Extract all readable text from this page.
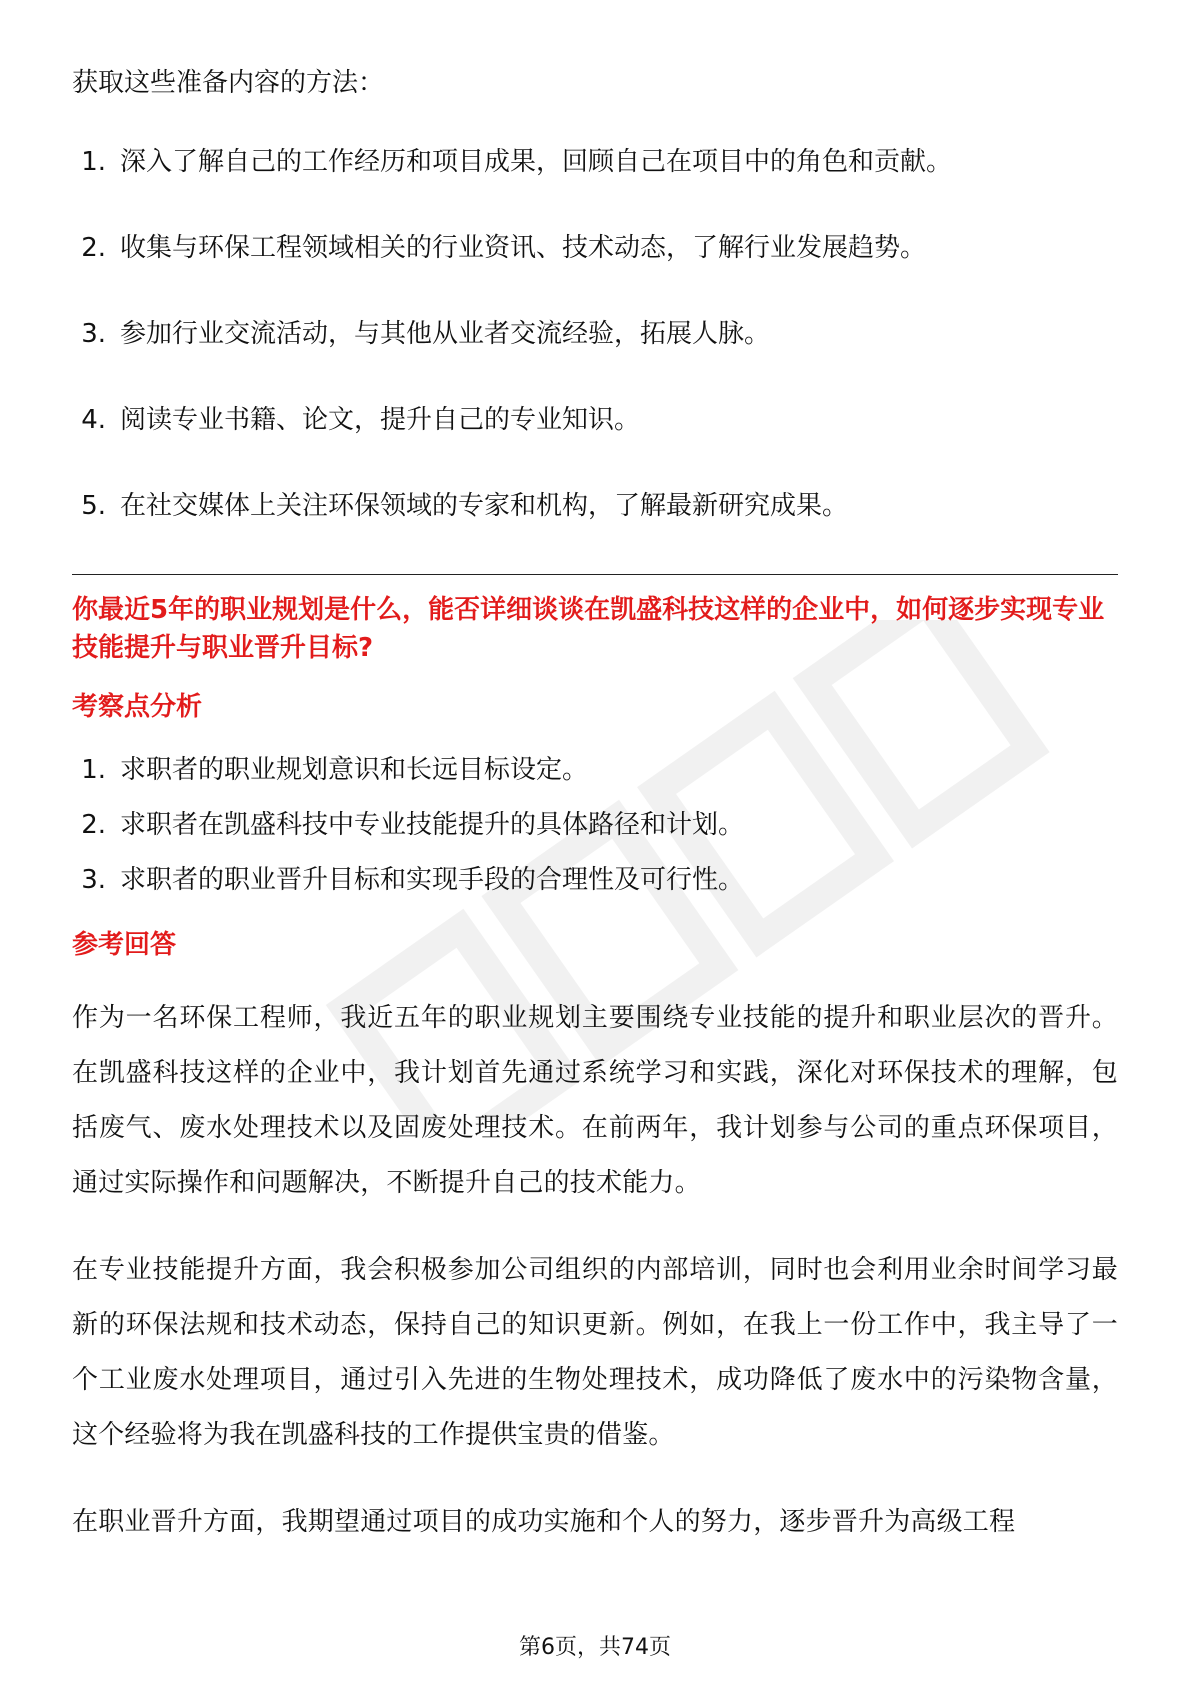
获取这些准备内容的方法：

1. 深入了解自己的工作经历和项目成果，回顾自己在项目中的角色和贡献。
2. 收集与环保工程领域相关的行业资讯、技术动态，了解行业发展趋势。
3. 参加行业交流活动，与其他从业者交流经验，拓展人脉。
4. 阅读专业书籍、论文，提升自己的专业知识。
5. 在社交媒体上关注环保领域的专家和机构，了解最新研究成果。
你最近5年的职业规划是什么，能否详细谈谈在凯盛科技这样的企业中，如何逐步实现专业技能提升与职业晋升目标?
考察点分析
1. 求职者的职业规划意识和长远目标设定。
2. 求职者在凯盛科技中专业技能提升的具体路径和计划。
3. 求职者的职业晋升目标和实现手段的合理性及可行性。
参考回答

作为一名环保工程师，我近五年的职业规划主要围绕专业技能的提升和职业层次的晋升。在凯盛科技这样的企业中，我计划首先通过系统学习和实践，深化对环保技术的理解，包括废气、废水处理技术以及固废处理技术。在前两年，我计划参与公司的重点环保项目，通过实际操作和问题解决，不断提升自己的技术能力。

在专业技能提升方面，我会积极参加公司组织的内部培训，同时也会利用业余时间学习最新的环保法规和技术动态，保持自己的知识更新。例如，在我上一份工作中，我主导了一个工业废水处理项目，通过引入先进的生物处理技术，成功降低了废水中的污染物含量，这个经验将为我在凯盛科技的工作提供宝贵的借鉴。

在职业晋升方面，我期望通过项目的成功实施和个人的努力，逐步晋升为高级工程

第6页，共74页
